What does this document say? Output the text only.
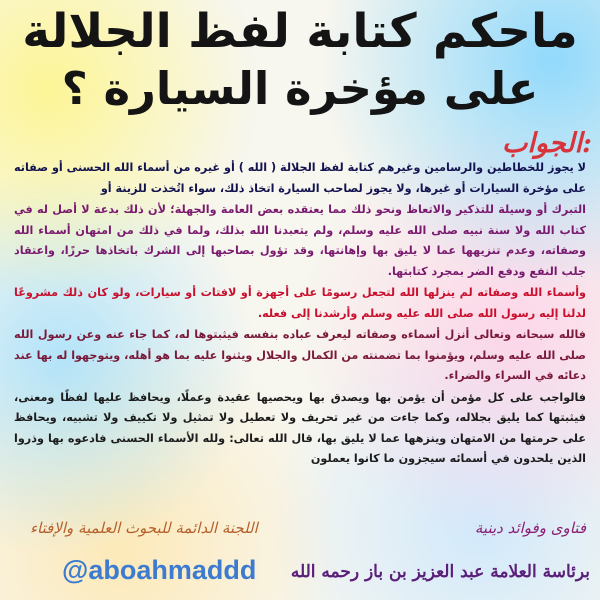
ماحكم كتابة لفظ الجلالة
على مؤخرة السيارة ؟
الجواب:

لا يجوز للخطاطين والرسامين وغيرهم كتابة لفظ الجلالة ( الله ) أو غيره من أسماء الله الحسنى أو صفاته على مؤخرة السيارات أو غيرها، ولا يجوز لصاحب السيارة اتخاذ ذلك، سواء اتُخذت للزينة أو

التبرك أو وسيلة للتذكير والاتعاظ ونحو ذلك مما يعتقده بعض العامة والجهلة؛ لأن ذلك بدعة لا أصل له في كتاب الله ولا سنة نبيه صلى الله عليه وسلم، ولم يتعبدنا الله بذلك، ولما في ذلك من امتهان أسماء الله وصفاته، وعدم تنزيهها عما لا يليق بها وإهانتها، وقد تؤول بصاحبها إلى الشرك باتخاذها حرزًا، واعتقاد جلب النفع ودفع الضر بمجرد كتابتها.

وأسماء الله وصفاته لم ينزلها الله لتجعل رسومًا على أجهزة أو لافتات أو سيارات، ولو كان ذلك مشروعًا لدلنا إليه رسول الله صلى الله عليه وسلم وأرشدنا إلى فعله.

فالله سبحانه وتعالى أنزل أسماءه وصفاته ليعرف عباده بنفسه فيثبتوها له، كما جاء عنه وعن رسول الله صلى الله عليه وسلم، ويؤمنوا بما تضمنته من الكمال والجلال ويثنوا عليه بما هو أهله، ويتوجهوا له بها عند دعائه في السراء والضراء.

فالواجب على كل مؤمن أن يؤمن بها ويصدق بها ويحصيها عقيدة وعملًا، ويحافظ عليها لفظًا ومعنى، فيثبتها كما يليق بجلاله، وكما جاءت من غير تحريف ولا تعطيل ولا تمثيل ولا تكييف ولا تشبيه، ويحافظ على حرمتها من الامتهان وينزهها عما لا يليق بها، قال الله تعالى: ولله الأسماء الحسنى فادعوه بها وذروا الذين يلحدون في أسمائه سيجزون ما كانوا يعملون

فتاوى وفوائد دينية
اللجنة الدائمة للبحوث العلمية والإفتاء
@aboahmaddd برئاسة العلامة عبد العزيز بن باز رحمه الله
